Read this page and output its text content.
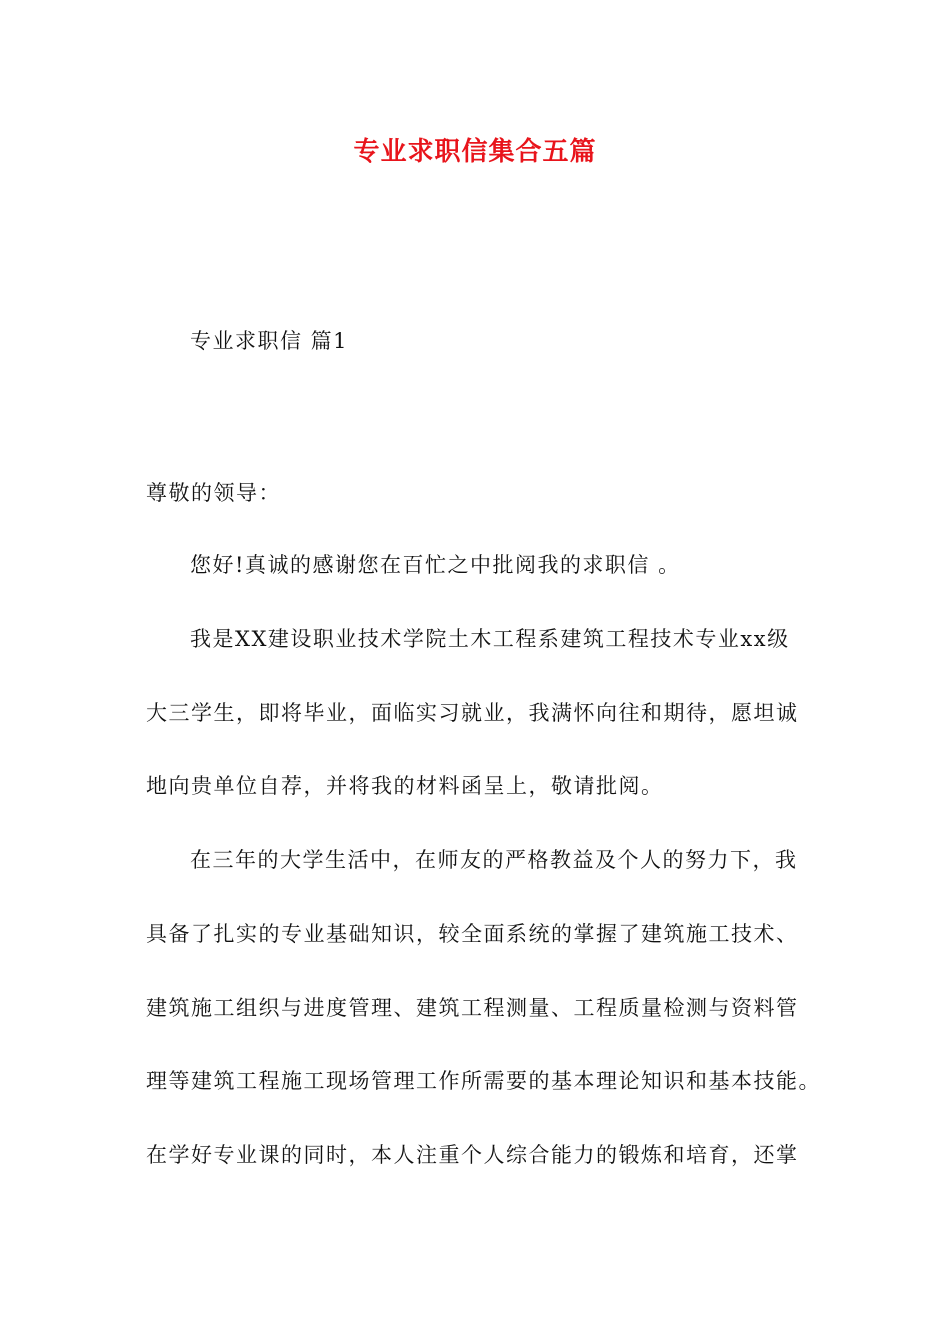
专业求职信集合五篇

专业求职信 篇1

尊敬的领导：

您好!真诚的感谢您在百忙之中批阅我的求职信 。

我是XX建设职业技术学院土木工程系建筑工程技术专业xx级

大三学生，即将毕业，面临实习就业，我满怀向往和期待，愿坦诚

地向贵单位自荐，并将我的材料函呈上，敬请批阅。

在三年的大学生活中，在师友的严格教益及个人的努力下，我

具备了扎实的专业基础知识，较全面系统的掌握了建筑施工技术、

建筑施工组织与进度管理、建筑工程测量、工程质量检测与资料管

理等建筑工程施工现场管理工作所需要的基本理论知识和基本技能。

在学好专业课的同时，本人注重个人综合能力的锻炼和培育，还掌
